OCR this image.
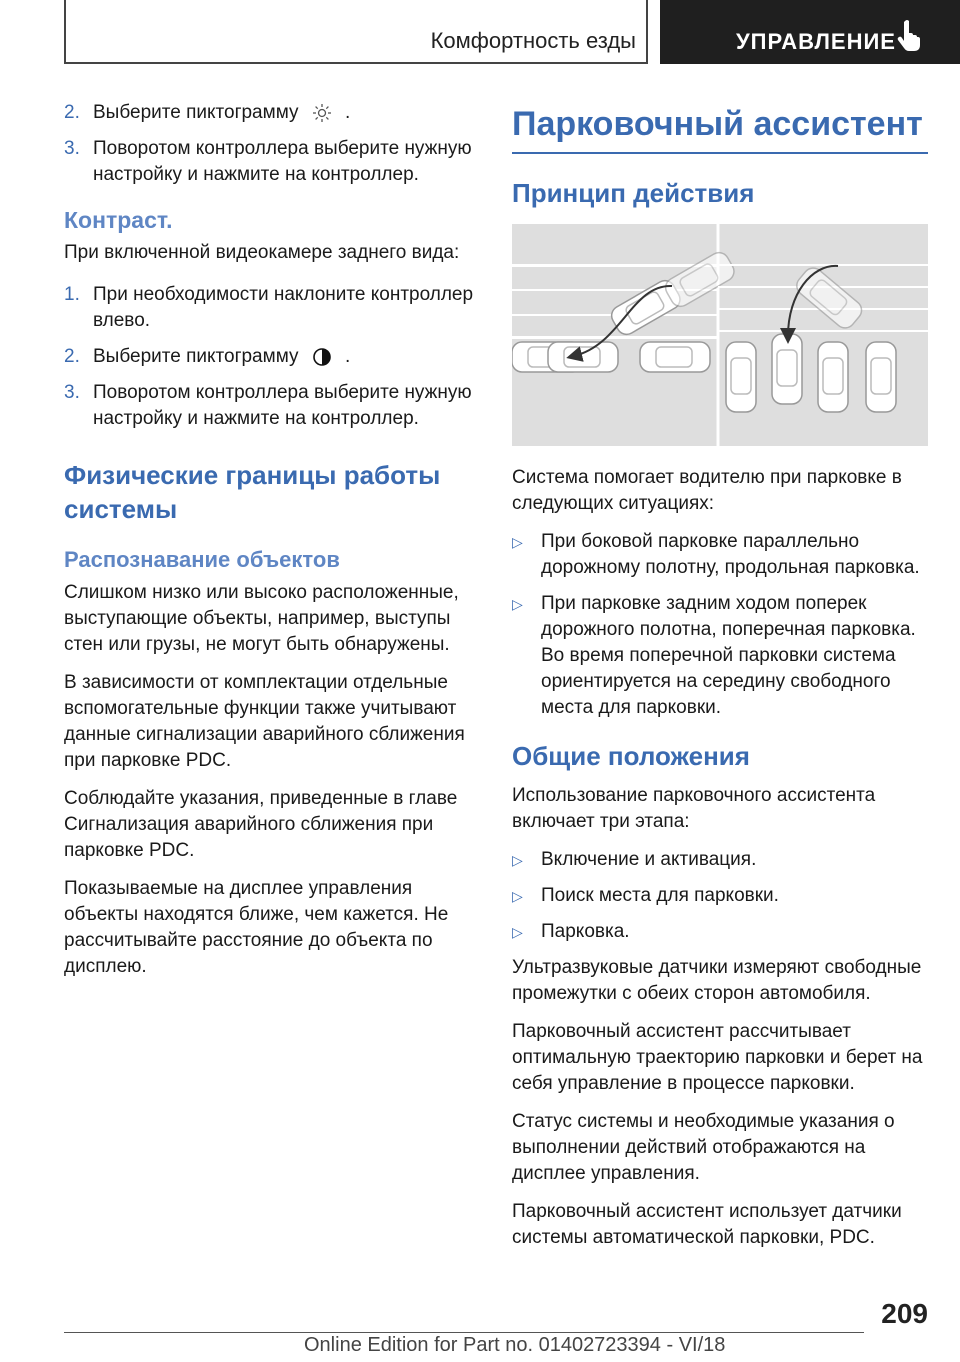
Комфортность езды	УПРАВЛЕНИЕ
2. Выберите пиктограмму .
3. Поворотом контроллера выберите нужную настройку и нажмите на контроллер.
Контраст.

При включенной видеокамере заднего вида:

1. При необходимости наклоните контроллер влево.
2. Выберите пиктограмму .
3. Поворотом контроллера выберите нужную настройку и нажмите на контроллер.
Физические границы работы системы
Распознавание объектов

Слишком низко или высоко расположенные, выступающие объекты, например, выступы стен или грузы, не могут быть обнаружены.

В зависимости от комплектации отдельные вспомогательные функции также учитывают данные сигнализации аварийного сближения при парковке PDC.

Соблюдайте указания, приведенные в главе Сигнализация аварийного сближения при парковке PDC.

Показываемые на дисплее управления объекты находятся ближе, чем кажется. Не рассчитывайте расстояние до объекта по дисплею.

Парковочный ассистент
Принцип действия

Система помогает водителю при парковке в следующих ситуациях:

▷ При боковой парковке параллельно дорожному полотну, продольная парковка.
▷ При парковке задним ходом поперек дорожного полотна, поперечная парковка. Во время поперечной парковки система ориентируется на середину свободного места для парковки.
Общие положения

Использование парковочного ассистента включает три этапа:

▷ Включение и активация.
▷ Поиск места для парковки.
▷ Парковка.

Ультразвуковые датчики измеряют свободные промежутки с обеих сторон автомобиля.

Парковочный ассистент рассчитывает оптимальную траекторию парковки и берет на себя управление в процессе парковки.

Статус системы и необходимые указания о выполнении действий отображаются на дисплее управления.

Парковочный ассистент использует датчики системы автоматической парковки, PDC.

209
Online Edition for Part no. 01402723394 - VI/18
